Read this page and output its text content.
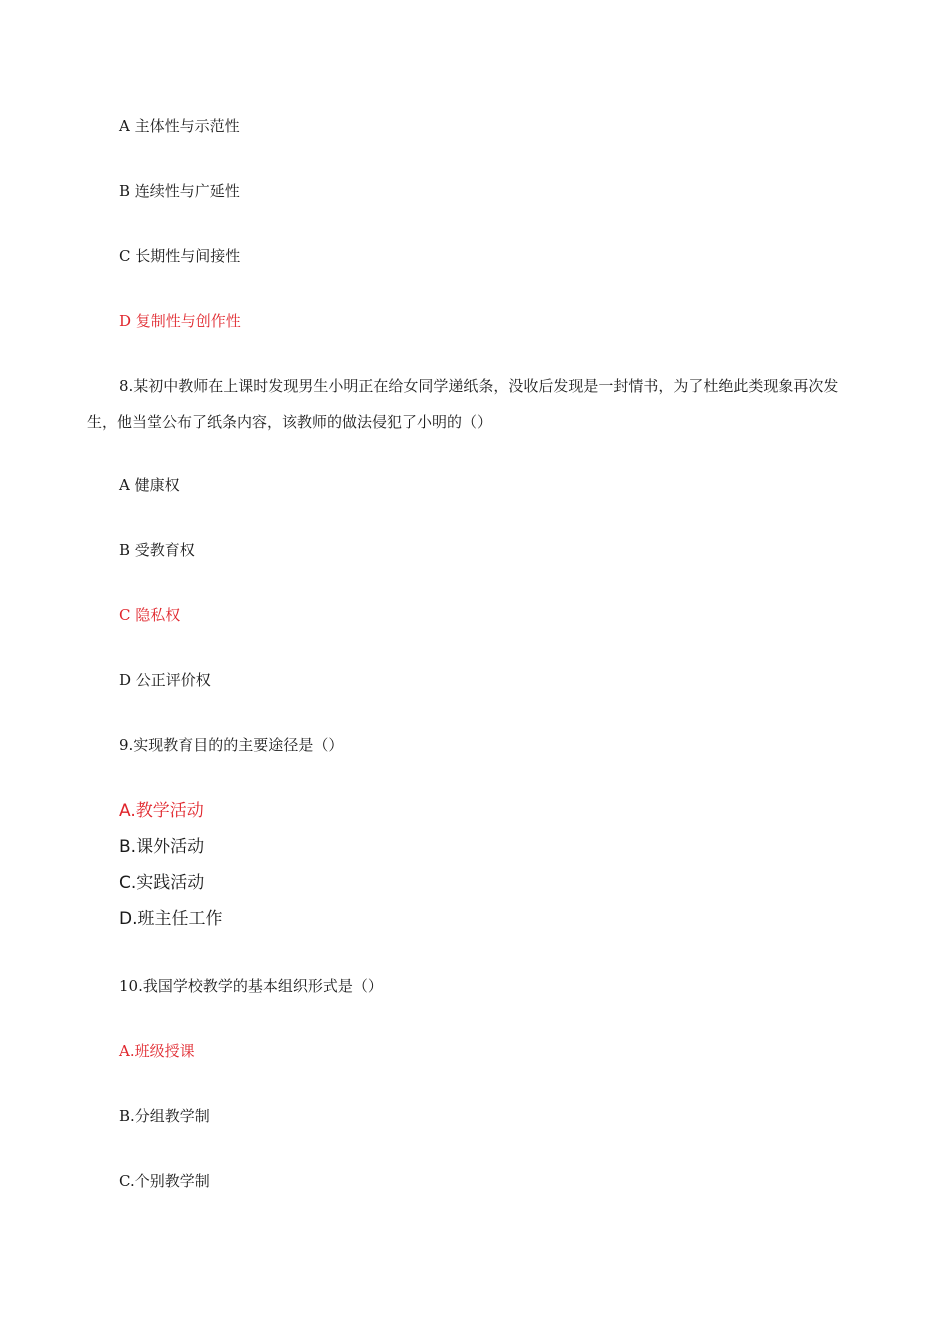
A 主体性与示范性
B 连续性与广延性
C 长期性与间接性
D 复制性与创作性
8.某初中教师在上课时发现男生小明正在给女同学递纸条，没收后发现是一封情书，为了杜绝此类现象再次发生，他当堂公布了纸条内容，该教师的做法侵犯了小明的（）
A 健康权
B 受教育权
C 隐私权
D 公正评价权
9.实现教育目的的主要途径是（）
A.教学活动
B.课外活动
C.实践活动
D.班主任工作
10.我国学校教学的基本组织形式是（）
A.班级授课
B.分组教学制
C.个别教学制
